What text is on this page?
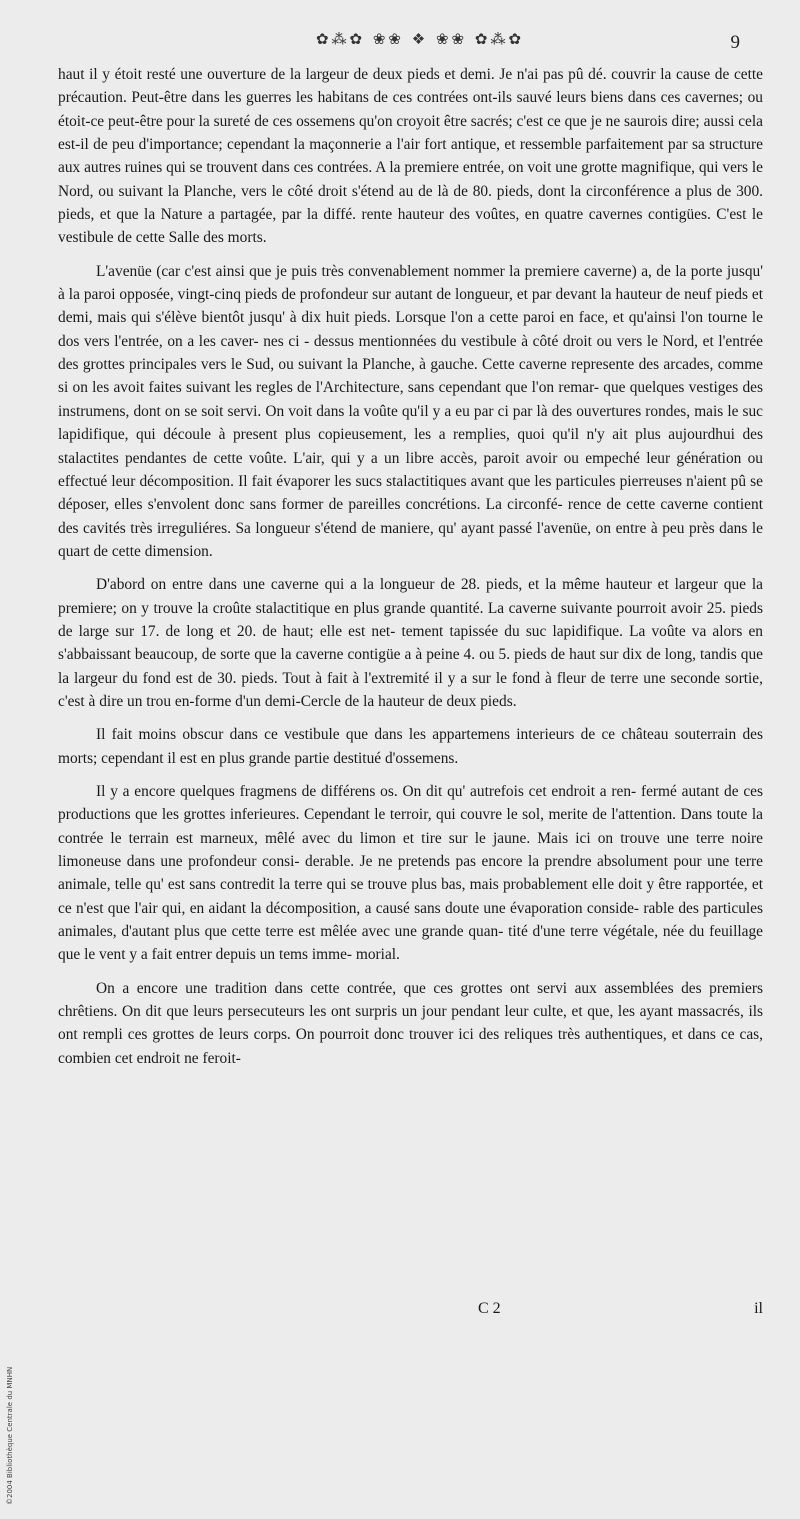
✿⁂✿ ❀❀ ❖ ❀❀ ✿⁂✿	9

haut il y étoit resté une ouverture de la largeur de deux pieds et demi. Je n'ai pas pû dé. couvrir la cause de cette précaution. Peut-être dans les guerres les habitans de ces contrées ont-ils sauvé leurs biens dans ces cavernes; ou étoit-ce peut-être pour la sureté de ces ossemens qu'on croyoit être sacrés; c'est ce que je ne saurois dire; aussi cela est-il de peu d'importance; cependant la maçonnerie a l'air fort antique, et ressemble parfaitement par sa structure aux autres ruines qui se trouvent dans ces contrées. A la premiere entrée, on voit une grotte magnifique, qui vers le Nord, ou suivant la Planche, vers le côté droit s'étend au de là de 80. pieds, dont la circonférence a plus de 300. pieds, et que la Nature a partagée, par la diffé. rente hauteur des voûtes, en quatre cavernes contigües. C'est le vestibule de cette Salle des morts.

L'avenüe (car c'est ainsi que je puis très convenablement nommer la premiere caverne) a, de la porte jusqu' à la paroi opposée, vingt-cinq pieds de profondeur sur autant de longueur, et par devant la hauteur de neuf pieds et demi, mais qui s'élève bientôt jusqu' à dix huit pieds. Lorsque l'on a cette paroi en face, et qu'ainsi l'on tourne le dos vers l'entrée, on a les caver- nes ci - dessus mentionnées du vestibule à côté droit ou vers le Nord, et l'entrée des grottes principales vers le Sud, ou suivant la Planche, à gauche. Cette caverne represente des arcades, comme si on les avoit faites suivant les regles de l'Architecture, sans cependant que l'on remar- que quelques vestiges des instrumens, dont on se soit servi. On voit dans la voûte qu'il y a eu par ci par là des ouvertures rondes, mais le suc lapidifique, qui découle à present plus copieusement, les a remplies, quoi qu'il n'y ait plus aujourdhui des stalactites pendantes de cette voûte. L'air, qui y a un libre accès, paroit avoir ou empeché leur génération ou effectué leur décomposition. Il fait évaporer les sucs stalactitiques avant que les particules pierreuses n'aient pû se déposer, elles s'envolent donc sans former de pareilles concrétions. La circonfé- rence de cette caverne contient des cavités très irreguliéres. Sa longueur s'étend de maniere, qu' ayant passé l'avenüe, on entre à peu près dans le quart de cette dimension.

D'abord on entre dans une caverne qui a la longueur de 28. pieds, et la même hauteur et largeur que la premiere; on y trouve la croûte stalactitique en plus grande quantité. La caverne suivante pourroit avoir 25. pieds de large sur 17. de long et 20. de haut; elle est net- tement tapissée du suc lapidifique. La voûte va alors en s'abbaissant beaucoup, de sorte que la caverne contigüe a à peine 4. ou 5. pieds de haut sur dix de long, tandis que la largeur du fond est de 30. pieds. Tout à fait à l'extremité il y a sur le fond à fleur de terre une seconde sortie, c'est à dire un trou en-forme d'un demi-Cercle de la hauteur de deux pieds.

Il fait moins obscur dans ce vestibule que dans les appartemens interieurs de ce château souterrain des morts; cependant il est en plus grande partie destitué d'ossemens.

Il y a encore quelques fragmens de différens os. On dit qu' autrefois cet endroit a ren- fermé autant de ces productions que les grottes inferieures. Cependant le terroir, qui couvre le sol, merite de l'attention. Dans toute la contrée le terrain est marneux, mêlé avec du limon et tire sur le jaune. Mais ici on trouve une terre noire limoneuse dans une profondeur consi- derable. Je ne pretends pas encore la prendre absolument pour une terre animale, telle qu' est sans contredit la terre qui se trouve plus bas, mais probablement elle doit y être rapportée, et ce n'est que l'air qui, en aidant la décomposition, a causé sans doute une évaporation conside- rable des particules animales, d'autant plus que cette terre est mêlée avec une grande quan- tité d'une terre végétale, née du feuillage que le vent y a fait entrer depuis un tems imme- morial.

On a encore une tradition dans cette contrée, que ces grottes ont servi aux assemblées des premiers chrêtiens. On dit que leurs persecuteurs les ont surpris un jour pendant leur culte, et que, les ayant massacrés, ils ont rempli ces grottes de leurs corps. On pourroit donc trouver ici des reliques très authentiques, et dans ce cas, combien cet endroit ne feroit-

C 2	il
©2004 Bibliothèque Centrale du MNHN
